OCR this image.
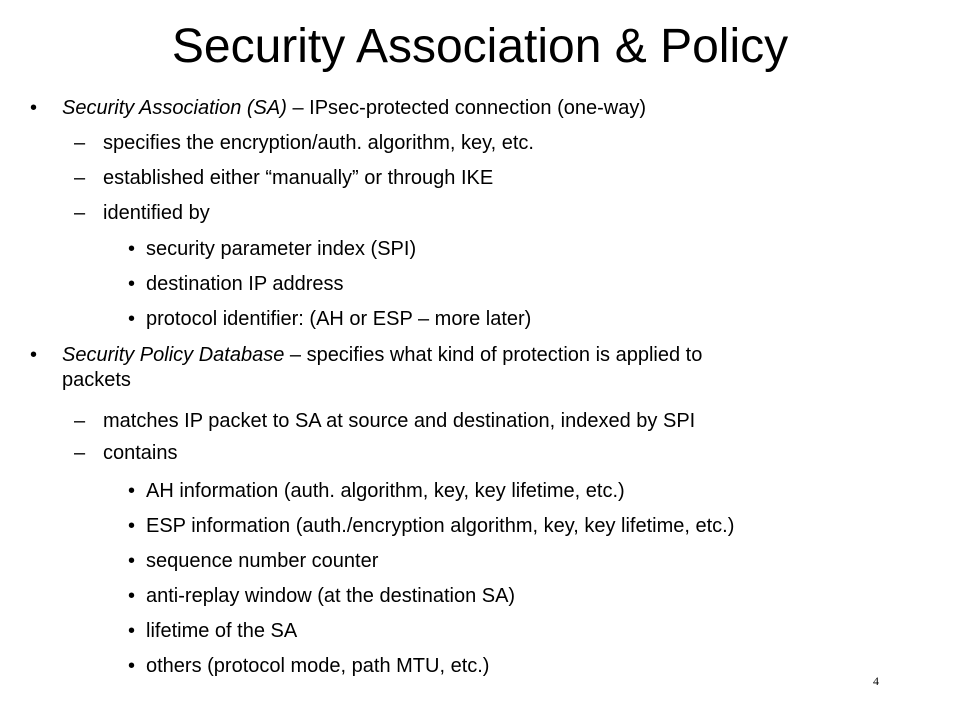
Security Association & Policy
• Security Association (SA) – IPsec-protected connection (one-way)
– specifies the encryption/auth. algorithm, key, etc.
– established either “manually” or through IKE
– identified by
• security parameter index (SPI)
• destination IP address
• protocol identifier: (AH or ESP – more later)
• Security Policy Database – specifies what kind of protection is applied to
packets
– matches IP packet to SA at source and destination, indexed by SPI
– contains
• AH information (auth. algorithm, key, key lifetime, etc.)
• ESP information (auth./encryption algorithm, key, key lifetime, etc.)
• sequence number counter
• anti-replay window (at the destination SA)
• lifetime of the SA
• others (protocol mode, path MTU, etc.)
4
